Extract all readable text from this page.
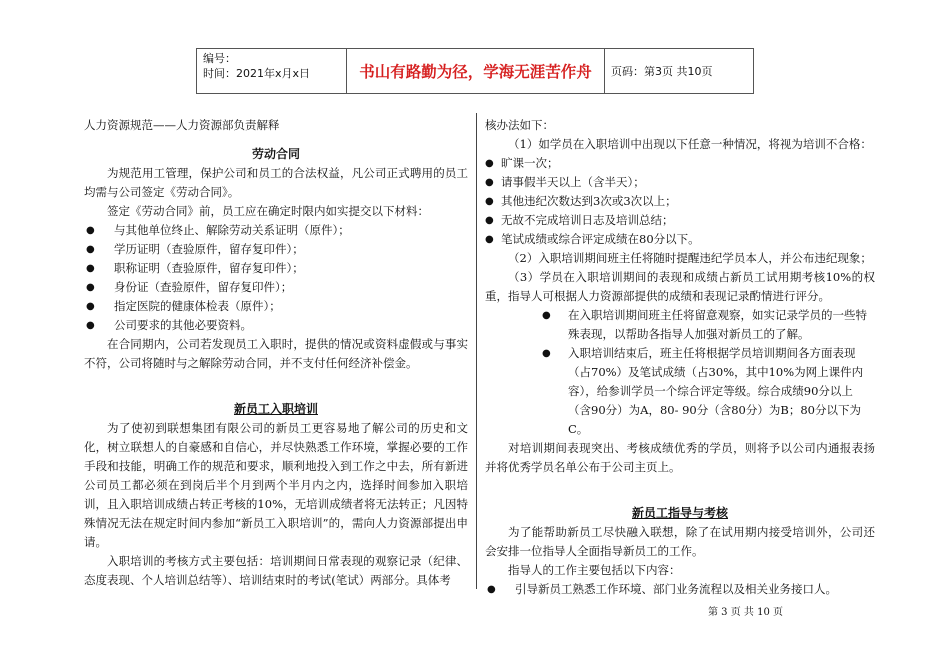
编号：
时间：2021年x月x日	书山有路勤为径，学海无涯苦作舟	页码：第3页 共10页

人力资源规范——人力资源部负责解释

劳动合同

为规范用工管理，保护公司和员工的合法权益，凡公司正式聘用的员工均需与公司签定《劳动合同》。

签定《劳动合同》前，员工应在确定时限内如实提交以下材料：

● 与其他单位终止、解除劳动关系证明（原件）；
● 学历证明（查验原件，留存复印件）；
● 职称证明（查验原件，留存复印件）；
● 身份证（查验原件，留存复印件）；
● 指定医院的健康体检表（原件）；
● 公司要求的其他必要资料。

在合同期内，公司若发现员工入职时，提供的情况或资料虚假或与事实不符，公司将随时与之解除劳动合同，并不支付任何经济补偿金。

新员工入职培训

为了使初到联想集团有限公司的新员工更容易地了解公司的历史和文化，树立联想人的自豪感和自信心，并尽快熟悉工作环境，掌握必要的工作手段和技能，明确工作的规范和要求，顺利地投入到工作之中去，所有新进公司员工都必须在到岗后半个月到两个半月内之内，选择时间参加入职培训，且入职培训成绩占转正考核的10%，无培训成绩者将无法转正；凡因特殊情况无法在规定时间内参加“新员工入职培训”的，需向人力资源部提出申请。

入职培训的考核方式主要包括：培训期间日常表现的观察记录（纪律、态度表现、个人培训总结等）、培训结束时的考试(笔试）两部分。具体考

核办法如下：

（1）如学员在入职培训中出现以下任意一种情况，将视为培训不合格：

● 旷课一次；
● 请事假半天以上（含半天）；
● 其他违纪次数达到3次或3次以上；
● 无故不完成培训日志及培训总结；
● 笔试成绩或综合评定成绩在80分以下。

（2）入职培训期间班主任将随时提醒违纪学员本人，并公布违纪现象；

（3）学员在入职培训期间的表现和成绩占新员工试用期考核10%的权重，指导人可根据人力资源部提供的成绩和表现记录酌情进行评分。

● 在入职培训期间班主任将留意观察，如实记录学员的一些特殊表现，以帮助各指导人加强对新员工的了解。
● 入职培训结束后，班主任将根据学员培训期间各方面表现（占70%）及笔试成绩（占30%，其中10%为网上课件内容），给参训学员一个综合评定等级。综合成绩90分以上（含90分）为A，80- 90分（含80分）为B；80分以下为C。

对培训期间表现突出、考核成绩优秀的学员，则将予以公司内通报表扬并将优秀学员名单公布于公司主页上。

新员工指导与考核

为了能帮助新员工尽快融入联想，除了在试用期内接受培训外，公司还会安排一位指导人全面指导新员工的工作。

指导人的工作主要包括以下内容：

● 引导新员工熟悉工作环境、部门业务流程以及相关业务接口人。
第 3 页 共 10 页
